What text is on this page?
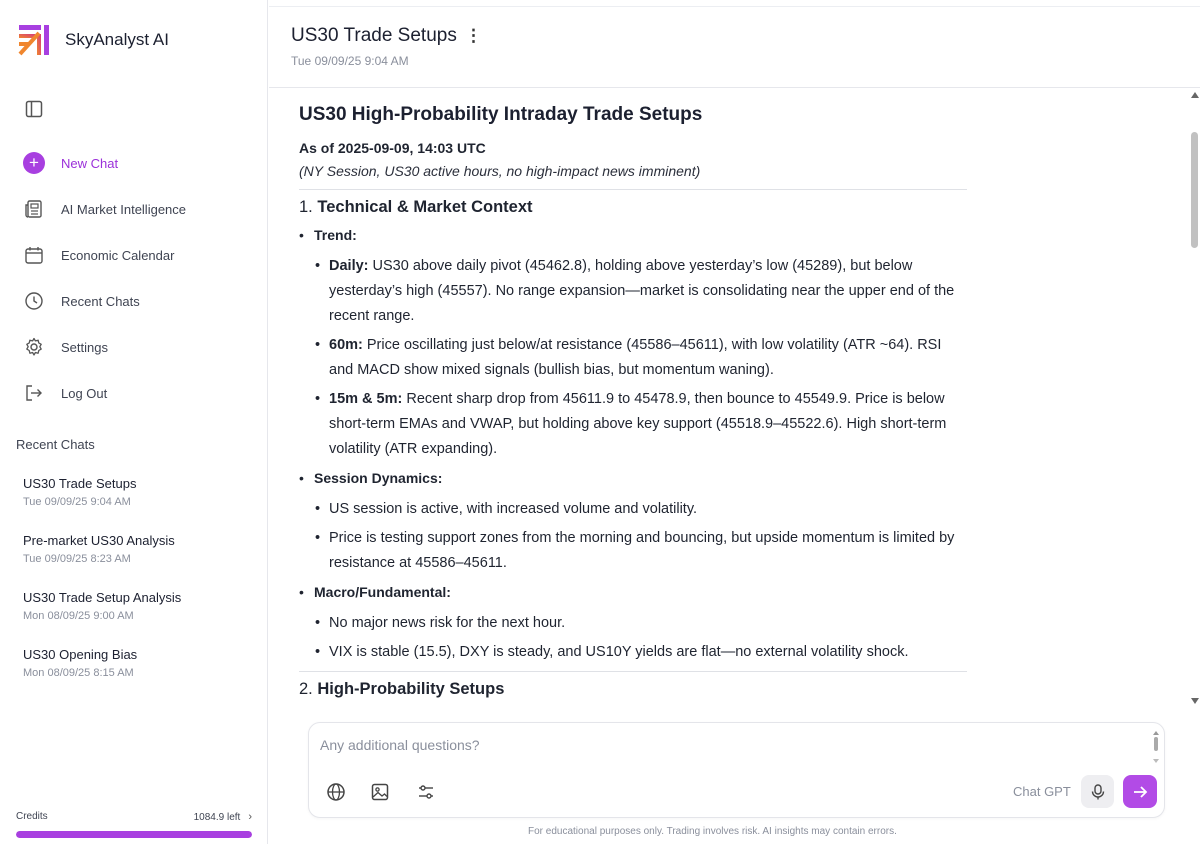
SkyAnalyst AI
+	New Chat
AI Market Intelligence
Economic Calendar
Recent Chats
Settings
Log Out
Recent Chats
US30 Trade Setups
Tue 09/09/25 9:04 AM
Pre-market US30 Analysis
Tue 09/09/25 8:23 AM
US30 Trade Setup Analysis
Mon 08/09/25 9:00 AM
US30 Opening Bias
Mon 08/09/25 8:15 AM
Credits	1084.9 left ›
US30 Trade Setups ⋮
Tue 09/09/25 9:04 AM
US30 High-Probability Intraday Trade Setups
As of 2025-09-09, 14:03 UTC
(NY Session, US30 active hours, no high-impact news imminent)
1. Technical & Market Context
• Trend:
• Daily: US30 above daily pivot (45462.8), holding above yesterday’s low (45289), but below yesterday’s high (45557). No range expansion—market is consolidating near the upper end of the recent range.
• 60m: Price oscillating just below/at resistance (45586–45611), with low volatility (ATR ~64). RSI and MACD show mixed signals (bullish bias, but momentum waning).
• 15m & 5m: Recent sharp drop from 45611.9 to 45478.9, then bounce to 45549.9. Price is below short-term EMAs and VWAP, but holding above key support (45518.9–45522.6). High short-term volatility (ATR expanding).
• Session Dynamics:
• US session is active, with increased volume and volatility.
• Price is testing support zones from the morning and bouncing, but upside momentum is limited by resistance at 45586–45611.
• Macro/Fundamental:
• No major news risk for the next hour.
• VIX is stable (15.5), DXY is steady, and US10Y yields are flat—no external volatility shock.
2. High-Probability Setups
Any additional questions?
Chat GPT
For educational purposes only. Trading involves risk. AI insights may contain errors.
